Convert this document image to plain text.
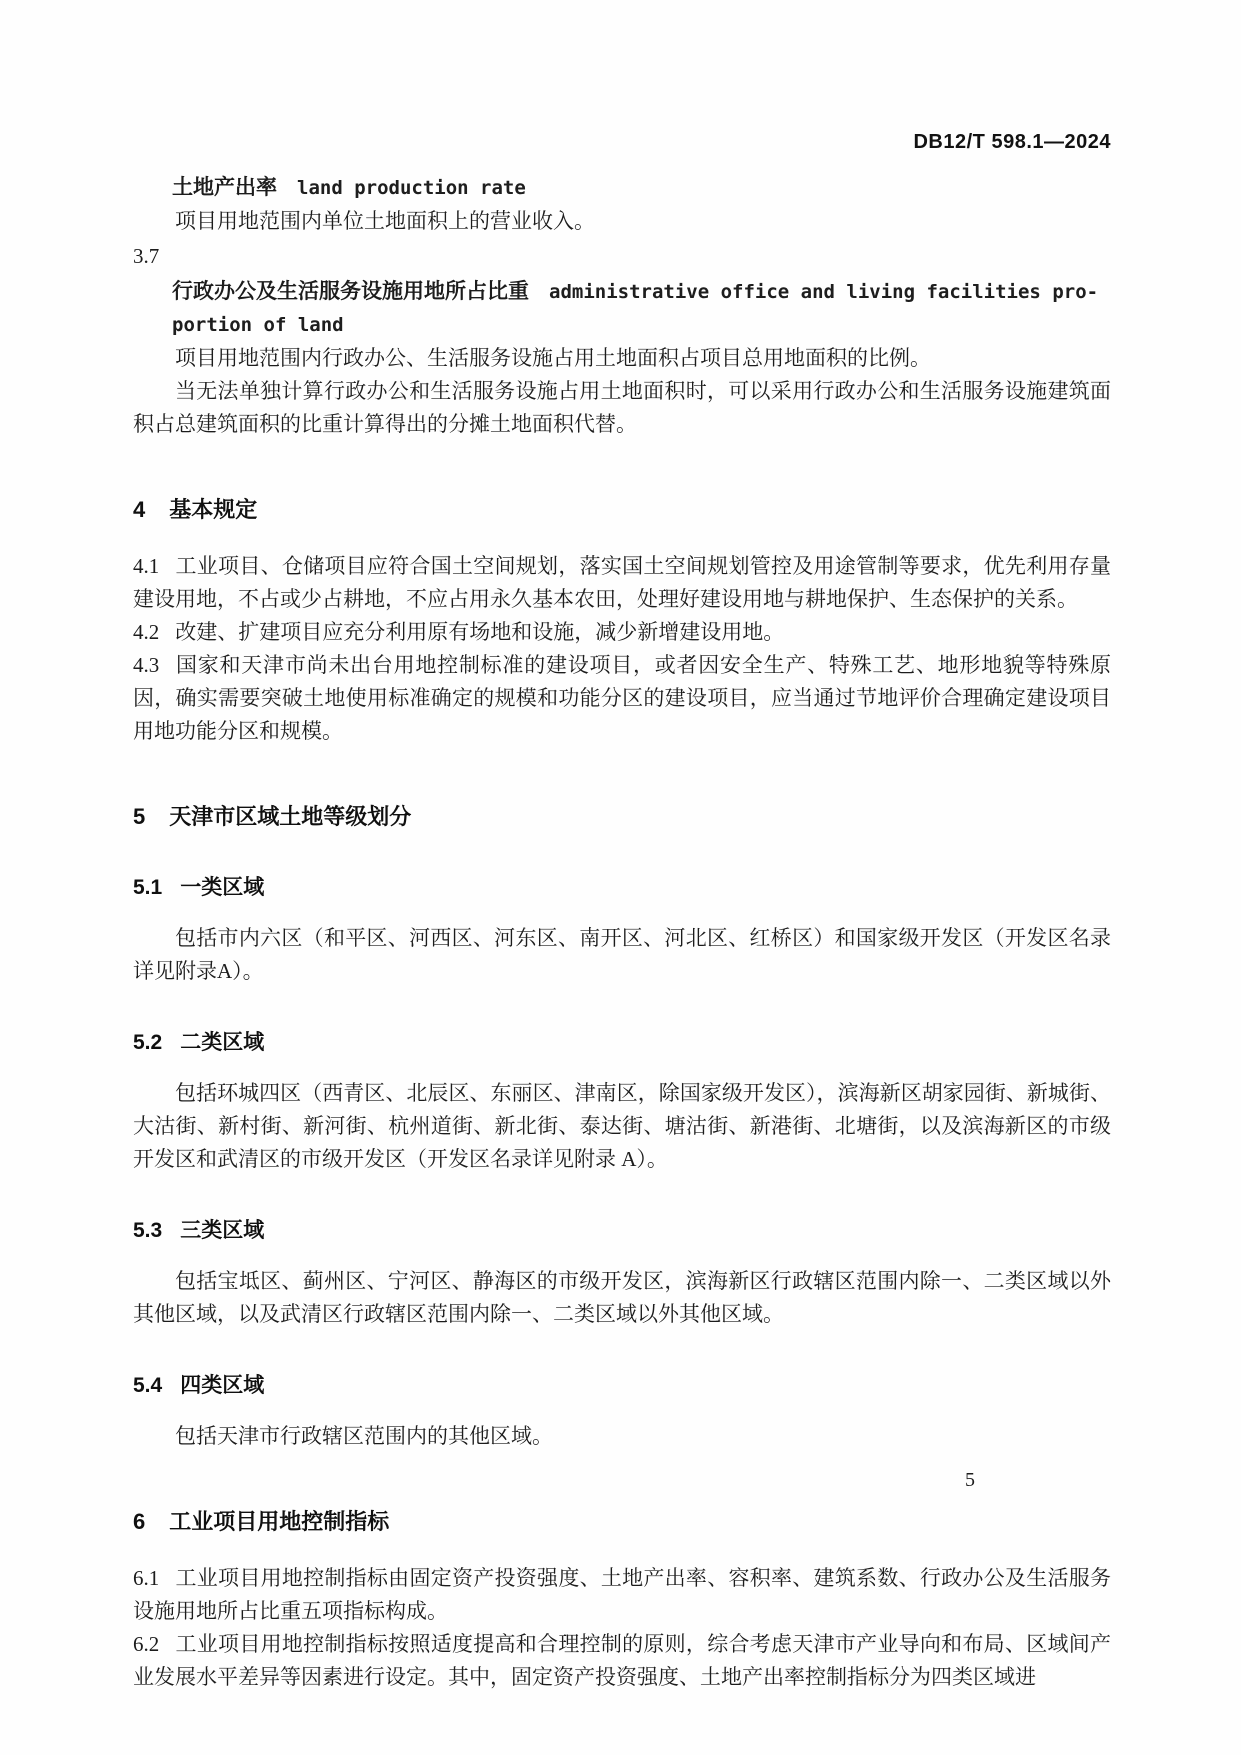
DB12/T 598.1—2024
土地产出率 land production rate

项目用地范围内单位土地面积上的营业收入。

3.7

行政办公及生活服务设施用地所占比重 administrative office and living facilities pro-
portion of land

项目用地范围内行政办公、生活服务设施占用土地面积占项目总用地面积的比例。

当无法单独计算行政办公和生活服务设施占用土地面积时，可以采用行政办公和生活服务设施建筑面积占总建筑面积的比重计算得出的分摊土地面积代替。

4 基本规定

4.1 工业项目、仓储项目应符合国土空间规划，落实国土空间规划管控及用途管制等要求，优先利用存量建设用地，不占或少占耕地，不应占用永久基本农田，处理好建设用地与耕地保护、生态保护的关系。

4.2 改建、扩建项目应充分利用原有场地和设施，减少新增建设用地。

4.3 国家和天津市尚未出台用地控制标准的建设项目，或者因安全生产、特殊工艺、地形地貌等特殊原因，确实需要突破土地使用标准确定的规模和功能分区的建设项目，应当通过节地评价合理确定建设项目用地功能分区和规模。

5 天津市区域土地等级划分
5.1 一类区域

包括市内六区（和平区、河西区、河东区、南开区、河北区、红桥区）和国家级开发区（开发区名录详见附录A）。

5.2 二类区域

包括环城四区（西青区、北辰区、东丽区、津南区，除国家级开发区），滨海新区胡家园街、新城街、大沽街、新村街、新河街、杭州道街、新北街、泰达街、塘沽街、新港街、北塘街，以及滨海新区的市级开发区和武清区的市级开发区（开发区名录详见附录 A）。

5.3 三类区域

包括宝坻区、蓟州区、宁河区、静海区的市级开发区，滨海新区行政辖区范围内除一、二类区域以外其他区域，以及武清区行政辖区范围内除一、二类区域以外其他区域。

5.4 四类区域

包括天津市行政辖区范围内的其他区域。

6 工业项目用地控制指标

6.1 工业项目用地控制指标由固定资产投资强度、土地产出率、容积率、建筑系数、行政办公及生活服务设施用地所占比重五项指标构成。

6.2 工业项目用地控制指标按照适度提高和合理控制的原则，综合考虑天津市产业导向和布局、区域间产业发展水平差异等因素进行设定。其中，固定资产投资强度、土地产出率控制指标分为四类区域进

5
